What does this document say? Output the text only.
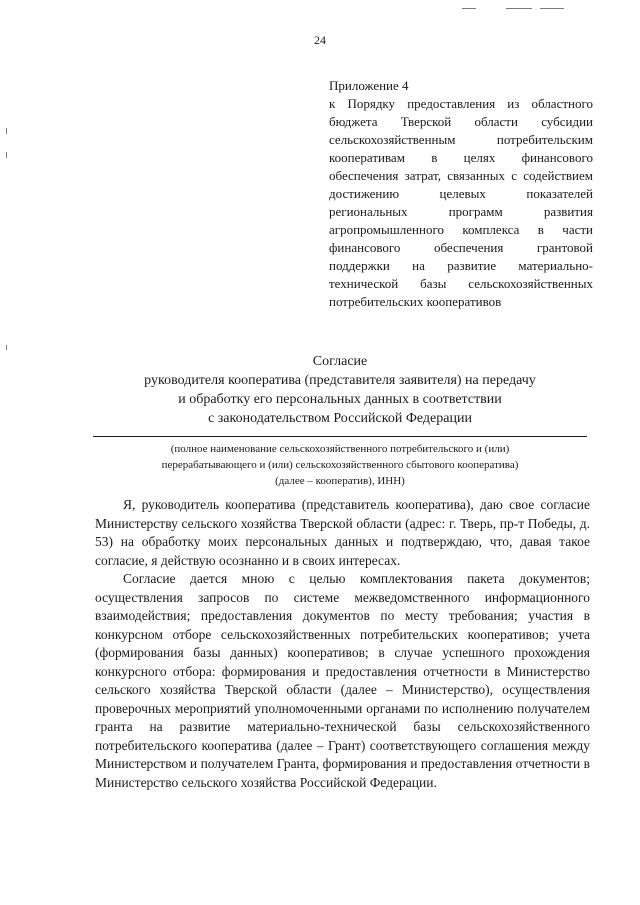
24

Приложение 4

к Порядку предоставления из областного бюджета Тверской области субсидии сельскохозяйственным потребительским кооперативам в целях финансового обеспечения затрат, связанных с содействием достижению целевых показателей региональных программ развития агропромышленного комплекса в части финансового обеспечения грантовой поддержки на развитие материально-технической базы сельскохозяйственных потребительских кооперативов

Согласие
руководителя кооператива (представителя заявителя) на передачу
и обработку его персональных данных в соответствии
с законодательством Российской Федерации
(полное наименование сельскохозяйственного потребительского и (или)
перерабатывающего и (или) сельскохозяйственного сбытового кооператива)
(далее – кооператив), ИНН)

Я, руководитель кооператива (представитель кооператива), даю свое согласие Министерству сельского хозяйства Тверской области (адрес: г. Тверь, пр-т Победы, д. 53) на обработку моих персональных данных и подтверждаю, что, давая такое согласие, я действую осознанно и в своих интересах.

Согласие дается мною с целью комплектования пакета документов; осуществления запросов по системе межведомственного информационного взаимодействия; предоставления документов по месту требования; участия в конкурсном отборе сельскохозяйственных потребительских кооперативов; учета (формирования базы данных) кооперативов; в случае успешного прохождения конкурсного отбора: формирования и предоставления отчетности в Министерство сельского хозяйства Тверской области (далее – Министерство), осуществления проверочных мероприятий уполномоченными органами по исполнению получателем гранта на развитие материально-технической базы сельскохозяйственного потребительского кооператива (далее – Грант) соответствующего соглашения между Министерством и получателем Гранта, формирования и предоставления отчетности в Министерство сельского хозяйства Российской Федерации.
